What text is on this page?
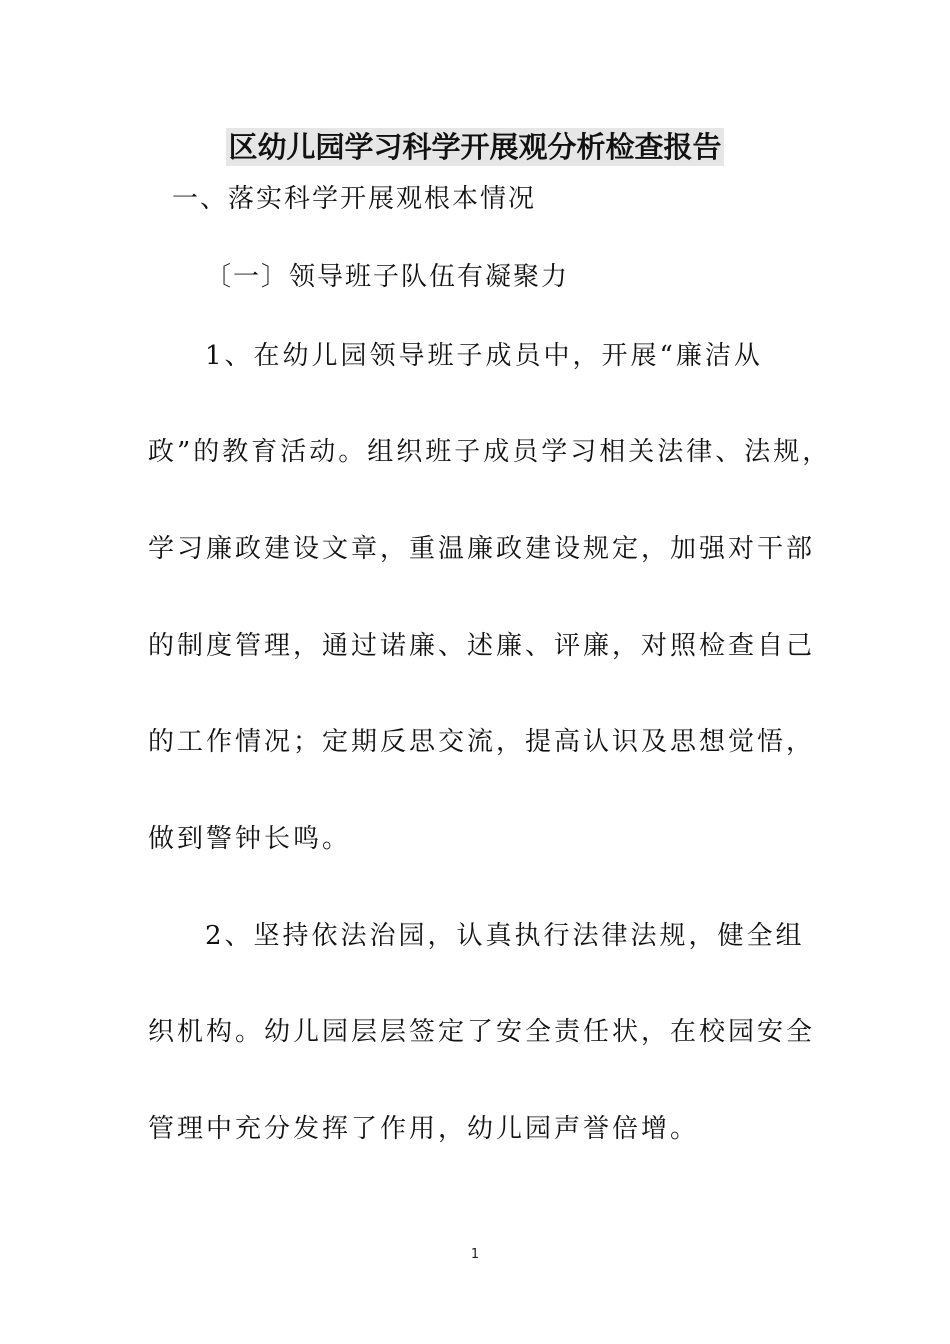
区幼儿园学习科学开展观分析检查报告
一、落实科学开展观根本情况
〔一〕领导班子队伍有凝聚力
1、在幼儿园领导班子成员中，开展“廉洁从
政”的教育活动。组织班子成员学习相关法律、法规，
学习廉政建设文章，重温廉政建设规定，加强对干部
的制度管理，通过诺廉、述廉、评廉，对照检查自己
的工作情况；定期反思交流，提高认识及思想觉悟，
做到警钟长鸣。
2、坚持依法治园，认真执行法律法规，健全组
织机构。幼儿园层层签定了安全责任状，在校园安全
管理中充分发挥了作用，幼儿园声誉倍增。
1
